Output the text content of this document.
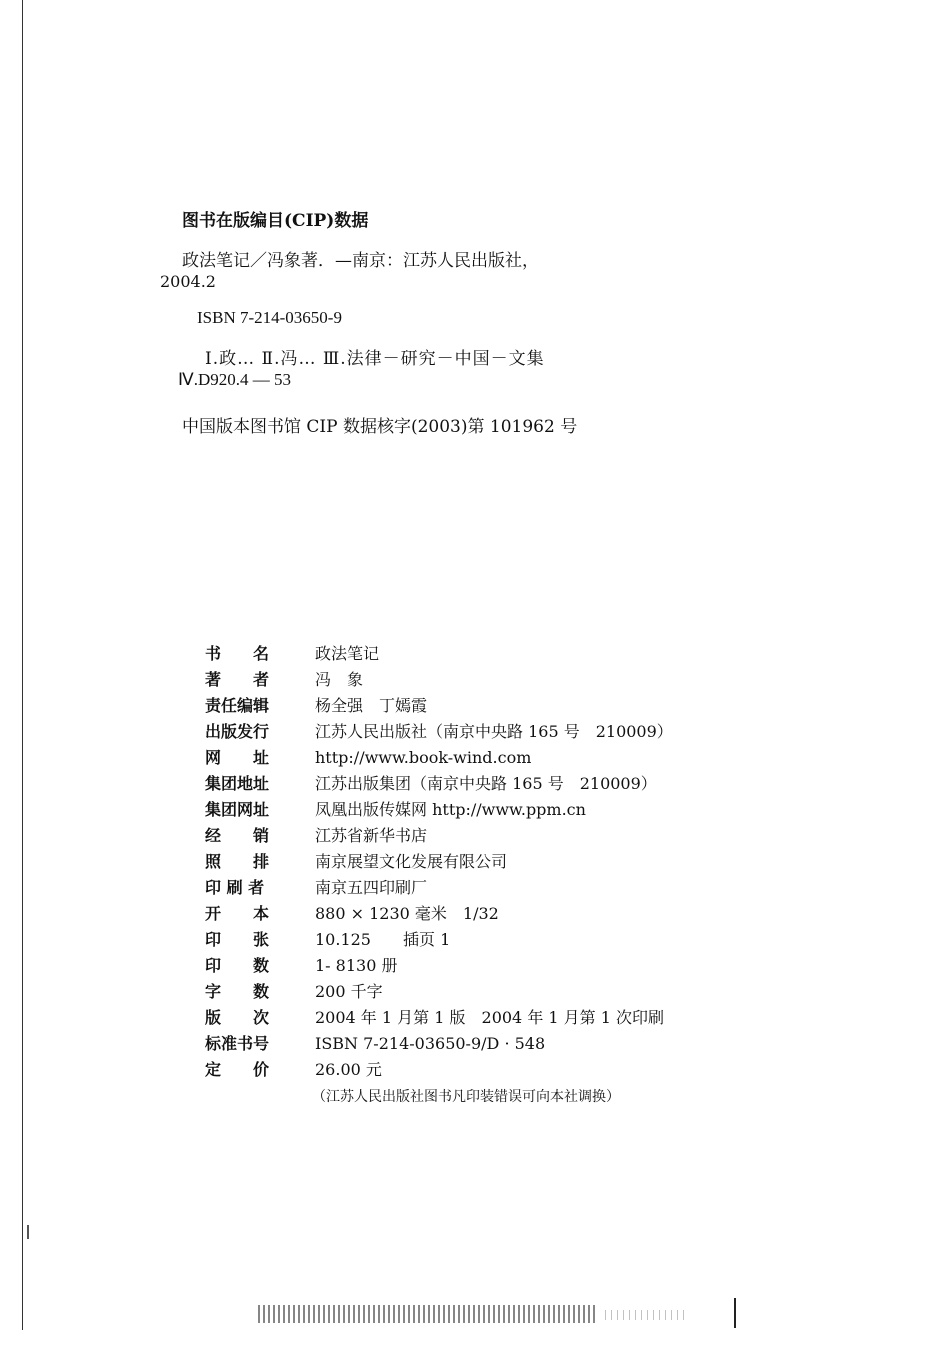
图书在版编目(CIP)数据
政法笔记／冯象著．—南京：江苏人民出版社，
2004.2
ISBN 7-214-03650-9
Ⅰ.政… Ⅱ.冯… Ⅲ.法律－研究－中国－文集
Ⅳ.D920.4 — 53
中国版本图书馆 CIP 数据核字(2003)第 101962 号
书　　名	政法笔记
著　　者	冯　象
责任编辑	杨全强　丁嫣霞
出版发行	江苏人民出版社（南京中央路 165 号　210009）
网　　址	http://www.book-wind.com
集团地址	江苏出版集团（南京中央路 165 号　210009）
集团网址	凤凰出版传媒网 http://www.ppm.cn
经　　销	江苏省新华书店
照　　排	南京展望文化发展有限公司
印 刷 者	南京五四印刷厂
开　　本	880 × 1230 毫米　1/32
印　　张	10.125　　插页 1
印　　数	1- 8130 册
字　　数	200 千字
版　　次	2004 年 1 月第 1 版　2004 年 1 月第 1 次印刷
标准书号	ISBN 7-214-03650-9/D · 548
定　　价	26.00 元
（江苏人民出版社图书凡印装错误可向本社调换）
